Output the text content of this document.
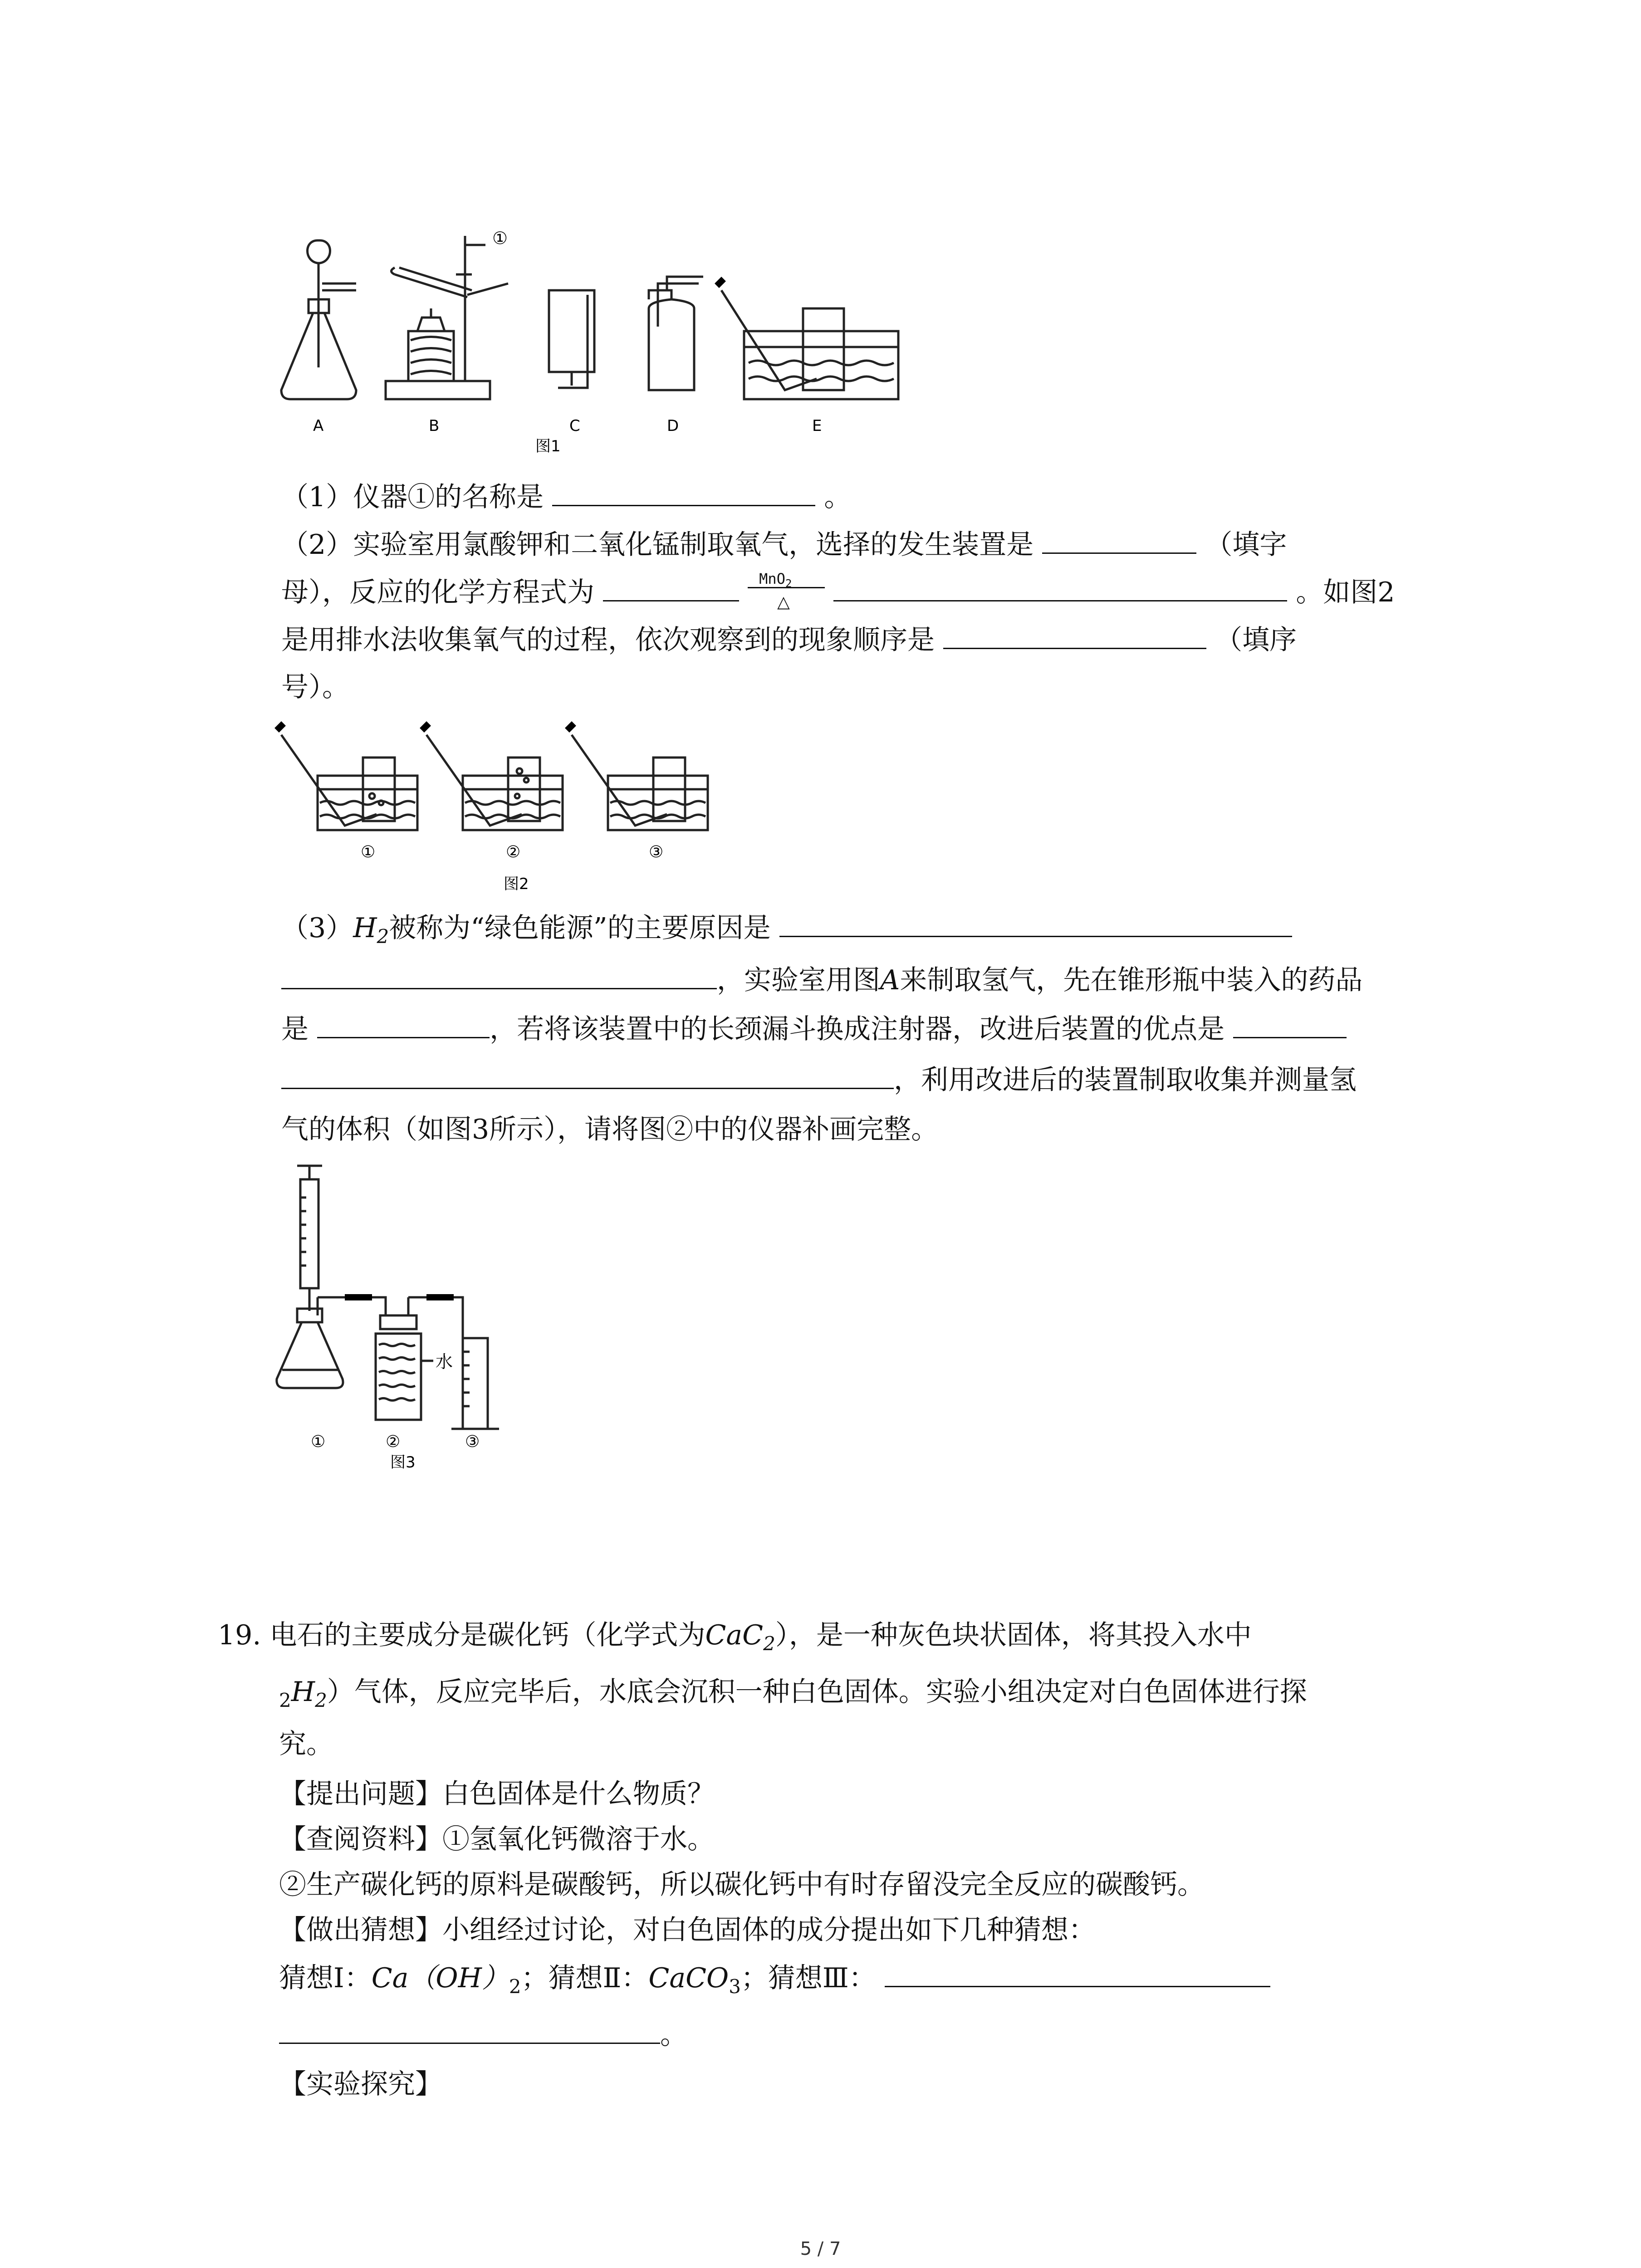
①
A	B	C	D	E
图1
（1）仪器①的名称是	。
（2）实验室用氯酸钾和二氧化锰制取氧气，选择的发生装置是	（填字
母），反应的化学方程式为	MnO$_2$
△	。如图2
是用排水法收集氧气的过程，依次观察到的现象顺序是	（填序
号）。
①	②	③
图2
$(3)H_2$被称为“绿色能源”的主要原因是
，实验室用图A来制取氢气，先在锥形瓶中装入的药品
是	，若将该装置中的长颈漏斗换成注射器，改进后装置的优点是
，利用改进后的装置制取收集并测量氢
气的体积（如图3所示），请将图②中的仪器补画完整。
水
①	②	③
图3
19. 电石的主要成分是碳化钙（化学式为CaC$_2$），是一种灰色块状固体，将其投入水中
$_2H_2$）气体，反应完毕后，水底会沉积一种白色固体。实验小组决定对白色固体进行探
究。
【提出问题】白色固体是什么物质？
【查阅资料】①氢氧化钙微溶于水。
②生产碳化钙的原料是碳酸钙，所以碳化钙中有时存留没完全反应的碳酸钙。
【做出猜想】小组经过讨论，对白色固体的成分提出如下几种猜想：
猜想Ⅰ：$Ca(OH)_2$；猜想Ⅱ：CaCO$_3$；猜想Ⅲ：
。
【实验探究】
5 / 7
